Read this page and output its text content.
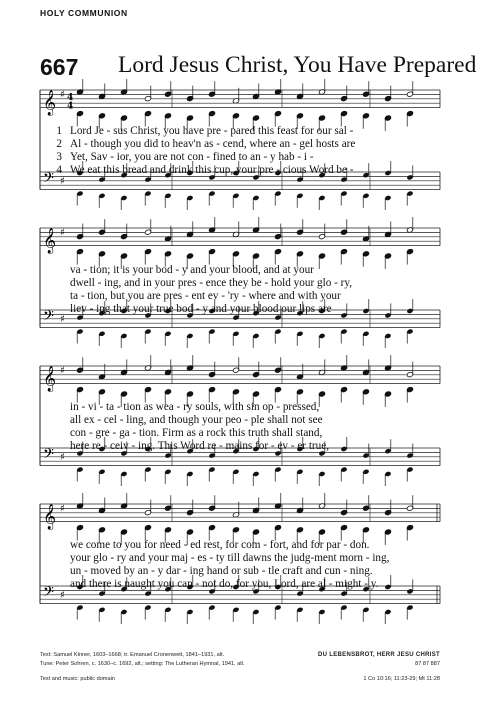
HOLY COMMUNION
667 Lord Jesus Christ, You Have Prepared
𝄞
𝄢
♯
♯
4
4
1 Lord Je - sus Christ, you have pre - pared this feast for our sal -
2 Al - though you did to heav'n as - cend, where an - gel hosts are
3 Yet, Sav - ior, you are not con - fined to an - y hab - i -
4 We eat this bread and drink this cup, your pre - cious Word be -
𝄞
𝄢
♯
♯
va - tion; it is your bod - y and your blood, and at your
dwell - ing, and in your pres - ence they be - hold your glo - ry,
ta - tion, but you are pres - ent ev - 'ry - where and with your
liev - ing that your true bod - y and your blood our lips are
𝄞
𝄢
♯
♯
in - vi - ta - tion as wea - ry souls, with sin op - pressed,
all ex - cel - ling, and though your peo - ple shall not see
con - gre - ga - tion. Firm as a rock this truth shall stand,
here re - ceiv - ing. This Word re - mains for - ev - er true,
𝄞
𝄢
♯
♯
we come to you for need - ed rest, for com - fort, and for par - don.
your glo - ry and your maj - es - ty till dawns the judg-ment morn - ing,
un - moved by an - y dar - ing hand or sub - tle craft and cun - ning.
and there is naught you can - not do, for you, Lord, are al - might - y.
Text: Samuel Kinner, 1603–1668; tr. Emanuel Cronenwett, 1841–1931, alt.	DU LEBENSBROT, HERR JESU CHRIST
Tune: Peter Sohren, c. 1630–c. 1692, alt.; setting: The Lutheran Hymnal, 1941, alt.	87 87 887
Text and music: public domain	1 Co 10:16; 11:23-29; Mt 11:28
